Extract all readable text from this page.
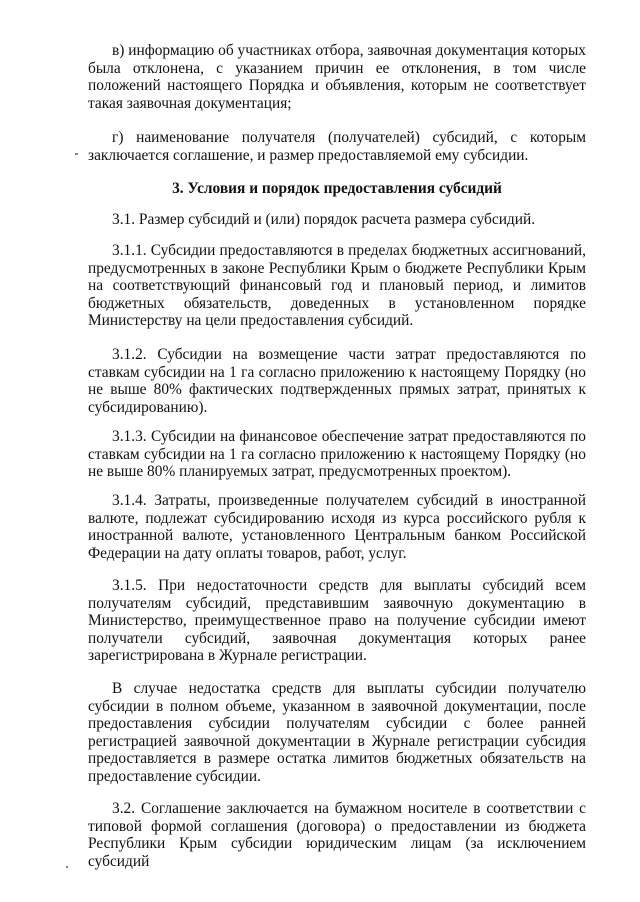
в) информацию об участниках отбора, заявочная документация которых была отклонена, с указанием причин ее отклонения, в том числе положений настоящего Порядка и объявления, которым не соответствует такая заявочная документация;

г) наименование получателя (получателей) субсидий, с которым заключается соглашение, и размер предоставляемой ему субсидии.

3. Условия и порядок предоставления субсидий

3.1. Размер субсидий и (или) порядок расчета размера субсидий.

3.1.1. Субсидии предоставляются в пределах бюджетных ассигнований, предусмотренных в законе Республики Крым о бюджете Республики Крым на соответствующий финансовый год и плановый период, и лимитов бюджетных обязательств, доведенных в установленном порядке Министерству на цели предоставления субсидий.

3.1.2. Субсидии на возмещение части затрат предоставляются по ставкам субсидии на 1 га согласно приложению к настоящему Порядку (но не выше 80% фактических подтвержденных прямых затрат, принятых к субсидированию).

3.1.3. Субсидии на финансовое обеспечение затрат предоставляются по ставкам субсидии на 1 га согласно приложению к настоящему Порядку (но не выше 80% планируемых затрат, предусмотренных проектом).

3.1.4. Затраты, произведенные получателем субсидий в иностранной валюте, подлежат субсидированию исходя из курса российского рубля к иностранной валюте, установленного Центральным банком Российской Федерации на дату оплаты товаров, работ, услуг.

3.1.5. При недостаточности средств для выплаты субсидий всем получателям субсидий, представившим заявочную документацию в Министерство, преимущественное право на получение субсидии имеют получатели субсидий, заявочная документация которых ранее зарегистрирована в Журнале регистрации.

В случае недостатка средств для выплаты субсидии получателю субсидии в полном объеме, указанном в заявочной документации, после предоставления субсидии получателям субсидии с более ранней регистрацией заявочной документации в Журнале регистрации субсидия предоставляется в размере остатка лимитов бюджетных обязательств на предоставление субсидии.

3.2. Соглашение заключается на бумажном носителе в соответствии с типовой формой соглашения (договора) о предоставлении из бюджета Республики Крым субсидии юридическим лицам (за исключением субсидий
